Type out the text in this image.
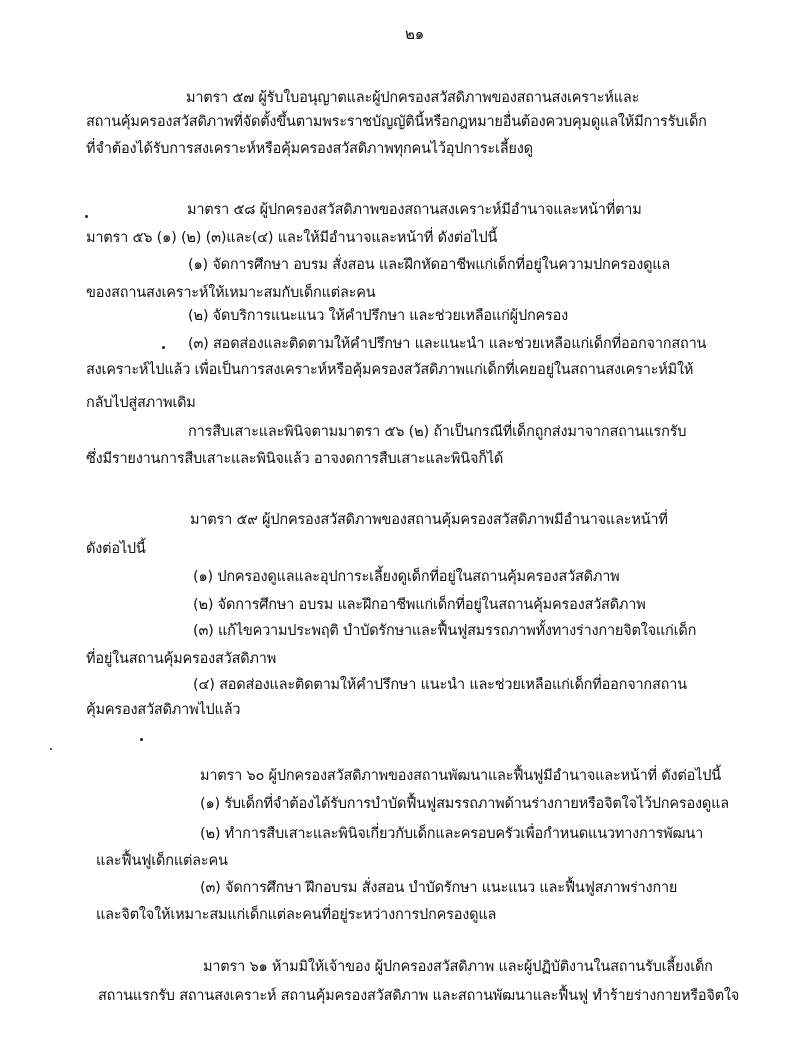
๒๑
มาตรา ๕๗ ผู้รับใบอนุญาตและผู้ปกครองสวัสดิภาพของสถานสงเคราะห์และ
สถานคุ้มครองสวัสดิภาพที่จัดตั้งขึ้นตามพระราชบัญญัตินี้หรือกฎหมายอื่นต้องควบคุมดูแลให้มีการรับเด็ก
ที่จำต้องได้รับการสงเคราะห์หรือคุ้มครองสวัสดิภาพทุกคนไว้อุปการะเลี้ยงดู
มาตรา ๕๘ ผู้ปกครองสวัสดิภาพของสถานสงเคราะห์มีอำนาจและหน้าที่ตาม
มาตรา ๕๖ (๑) (๒) (๓)และ(๔) และให้มีอำนาจและหน้าที่ ดังต่อไปนี้
(๑) จัดการศึกษา อบรม สั่งสอน และฝึกหัดอาชีพแก่เด็กที่อยู่ในความปกครองดูแล
ของสถานสงเคราะห์ให้เหมาะสมกับเด็กแต่ละคน
(๒) จัดบริการแนะแนว ให้คำปรึกษา และช่วยเหลือแก่ผู้ปกครอง
(๓) สอดส่องและติดตามให้คำปรึกษา และแนะนำ และช่วยเหลือแก่เด็กที่ออกจากสถาน
สงเคราะห์ไปแล้ว เพื่อเป็นการสงเคราะห์หรือคุ้มครองสวัสดิภาพแก่เด็กที่เคยอยู่ในสถานสงเคราะห์มิให้
กลับไปสู่สภาพเดิม
การสืบเสาะและพินิจตามมาตรา ๕๖ (๒) ถ้าเป็นกรณีที่เด็กถูกส่งมาจากสถานแรกรับ
ซึ่งมีรายงานการสืบเสาะและพินิจแล้ว อาจงดการสืบเสาะและพินิจก็ได้
มาตรา ๕๙ ผู้ปกครองสวัสดิภาพของสถานคุ้มครองสวัสดิภาพมีอำนาจและหน้าที่
ดังต่อไปนี้
(๑) ปกครองดูแลและอุปการะเลี้ยงดูเด็กที่อยู่ในสถานคุ้มครองสวัสดิภาพ
(๒) จัดการศึกษา อบรม และฝึกอาชีพแก่เด็กที่อยู่ในสถานคุ้มครองสวัสดิภาพ
(๓) แก้ไขความประพฤติ บำบัดรักษาและฟื้นฟูสมรรถภาพทั้งทางร่างกายจิตใจแก่เด็ก
ที่อยู่ในสถานคุ้มครองสวัสดิภาพ
(๔) สอดส่องและติดตามให้คำปรึกษา แนะนำ และช่วยเหลือแก่เด็กที่ออกจากสถาน
คุ้มครองสวัสดิภาพไปแล้ว
มาตรา ๖๐ ผู้ปกครองสวัสดิภาพของสถานพัฒนาและฟื้นฟูมีอำนาจและหน้าที่ ดังต่อไปนี้
(๑) รับเด็กที่จำต้องได้รับการบำบัดฟื้นฟูสมรรถภาพด้านร่างกายหรือจิตใจไว้ปกครองดูแล
(๒) ทำการสืบเสาะและพินิจเกี่ยวกับเด็กและครอบครัวเพื่อกำหนดแนวทางการพัฒนา
และฟื้นฟูเด็กแต่ละคน
(๓) จัดการศึกษา ฝึกอบรม สั่งสอน บำบัดรักษา แนะแนว และฟื้นฟูสภาพร่างกาย
และจิตใจให้เหมาะสมแก่เด็กแต่ละคนที่อยู่ระหว่างการปกครองดูแล
มาตรา ๖๑ ห้ามมิให้เจ้าของ ผู้ปกครองสวัสดิภาพ และผู้ปฏิบัติงานในสถานรับเลี้ยงเด็ก
สถานแรกรับ สถานสงเคราะห์ สถานคุ้มครองสวัสดิภาพ และสถานพัฒนาและฟื้นฟู ทำร้ายร่างกายหรือจิตใจ
